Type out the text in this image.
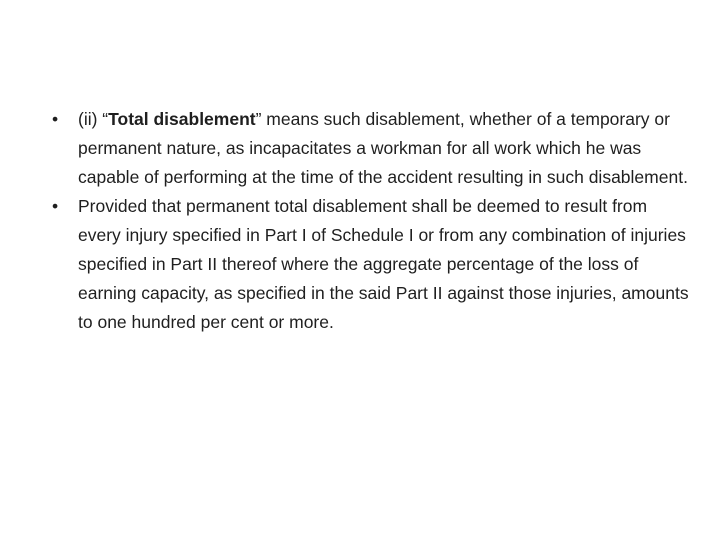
•	(ii) “Total disablement” means such disablement, whether of a temporary or permanent nature, as incapacitates a workman for all work which he was capable of performing at the time of the accident resulting in such disablement.
•	Provided that permanent total disablement shall be deemed to result from every injury specified in Part I of Schedule I or from any combination of injuries specified in Part II thereof where the aggregate percentage of the loss of earning capacity, as specified in the said Part II against those injuries, amounts to one hundred per cent or more.
